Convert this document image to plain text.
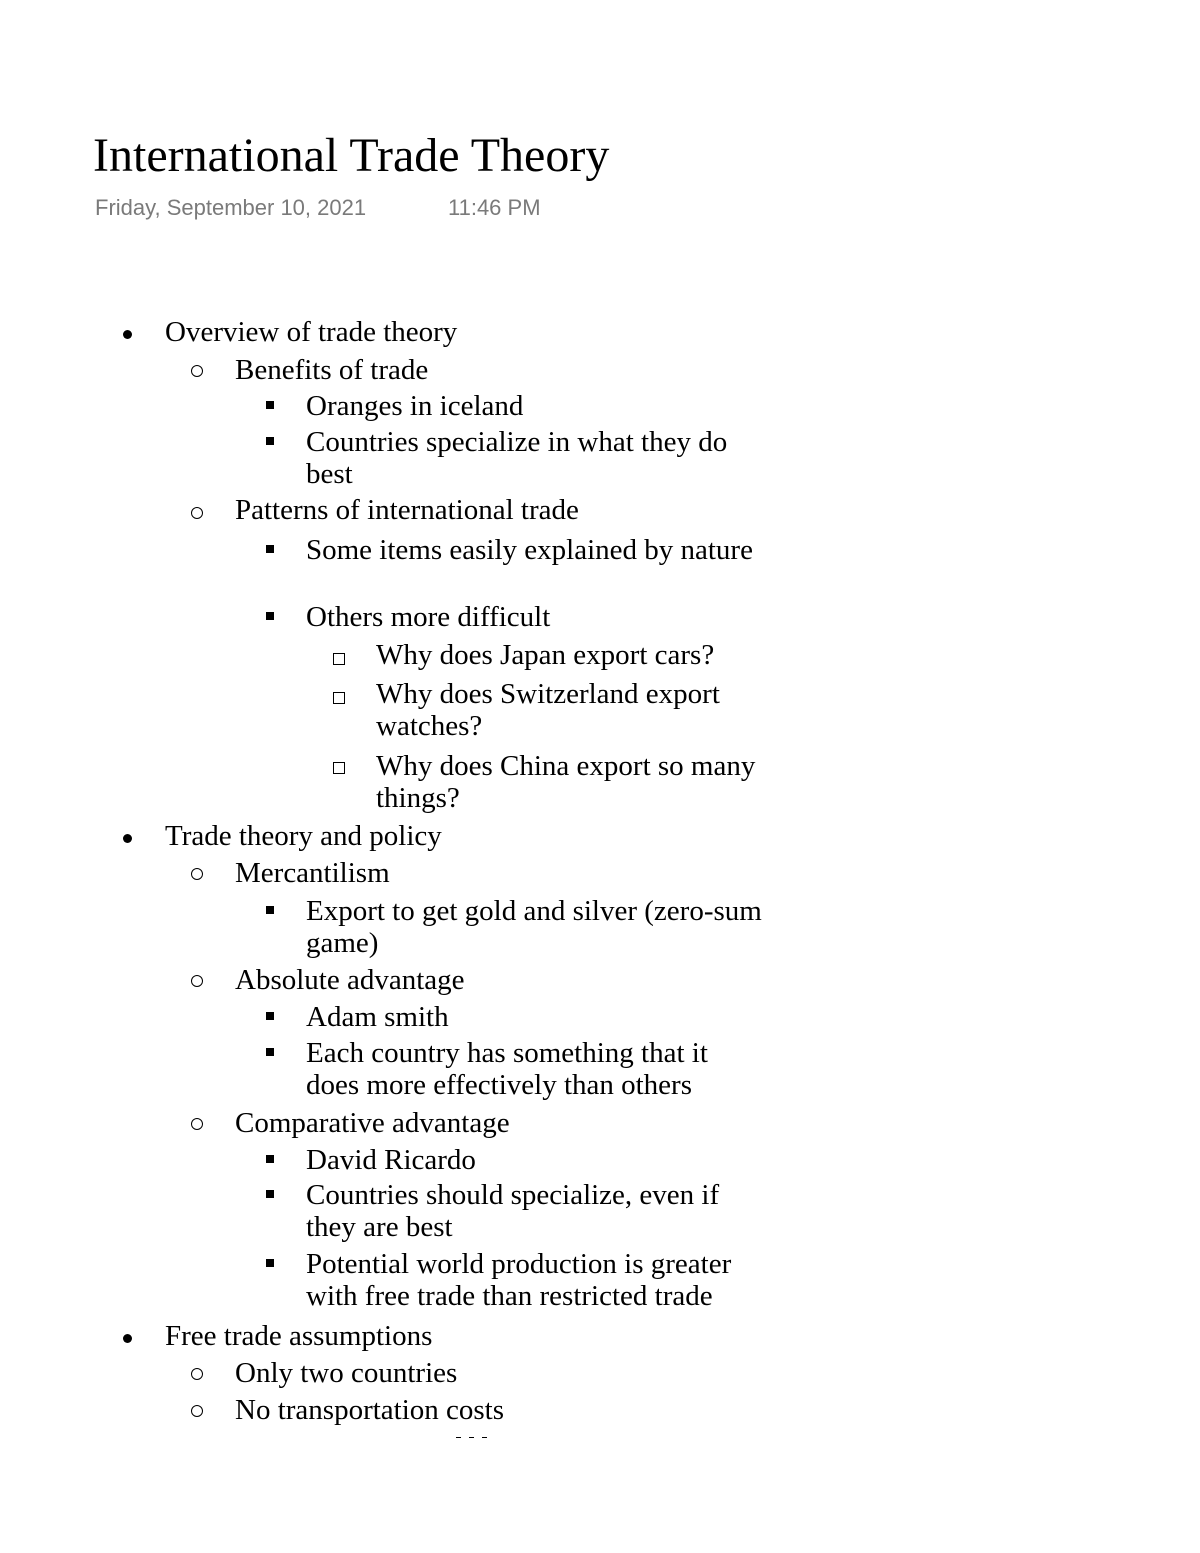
International Trade Theory
Friday, September 10, 2021	11:46 PM
Overview of trade theory
Benefits of trade
Oranges in iceland
Countries specialize in what they do best
Patterns of international trade
Some items easily explained by nature
Others more difficult
Why does Japan export cars?
Why does Switzerland export watches?
Why does China export so many things?
Trade theory and policy
Mercantilism
Export to get gold and silver (zero-sum game)
Absolute advantage
Adam smith
Each country has something that it does more effectively than others
Comparative advantage
David Ricardo
Countries should specialize, even if they are best
Potential world production is greater with free trade than restricted trade
Free trade assumptions
Only two countries
No transportation costs
